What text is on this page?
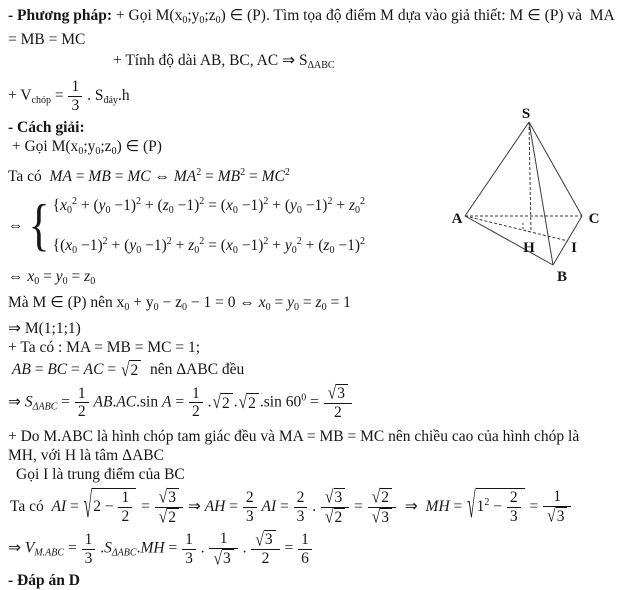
- Phương pháp: + Gọi M(x0;y0;z0) ∈ (P). Tìm tọa độ điểm M dựa vào giả thiết: M ∈ (P) và  MA
= MB = MC
+ Tính độ dài AB, BC, AC ⇒ SΔABC
+ Vchóp = $\frac{1}{3}$ . Sđáy.h
- Cách giải:
+ Gọi M(x0;y0;z0) ∈ (P)
Ta có  MA = MB = MC ⇔ $MA^2 = MB^2 = MC^2$
⇔ { {$x0^2 + (y0 -1)^2 + (z0 -1)^2 = (x0 -1)^2 + (y0 -1)^2 + z0^2$
{$(x0 -1)^2 + (y0 -1)^2 + z0^2 = (x0 -1)^2 + y0^2 + (z0 -1)^2$
⇔ x0 = y0 = z0
Mà M ∈ (P) nên x0 + y0 − z0 − 1 = 0 ⇔ x0 = y0 = z0 = 1
⇒ M(1;1;1)
+ Ta có : MA = MB = MC = 1;
AB = BC = AC = √ 2 nên ΔABC đều
⇒ $S\Delta ABC = \frac{1}{2} AB.AC.\sin$ $A = \frac{1}{2}$ . √ 2 . √ 2 .sin $60^0 = \frac{√ 3}{2}$
+ Do M.ABC là hình chóp tam giác đều và MA = MB = MC nên chiều cao của hình chóp là
MH, với H là tâm ΔABC
Gọi I là trung điểm của BC
Ta có  AI = √ $2 - \frac{1}{2} = \frac{√ 3}{√ 2}$ ⇒ AH = $\frac{2}{3}$ AI = $\frac{2}{3}$ . $\frac{√ 3}{√ 2} = \frac{√ 2}{√ 3}$ ⇒  MH = √ $1^2 - \frac{2}{3} = \frac{1}{√ 3}$
⇒ $VM.ABC = \frac{1}{3} .S\Delta ABC.MH = \frac{1}{3}$ . $\frac{1}{√ 3}$ . $\frac{√ 3}{2} = \frac{1}{6}$
- Đáp án D
S
A	C
B
H I
